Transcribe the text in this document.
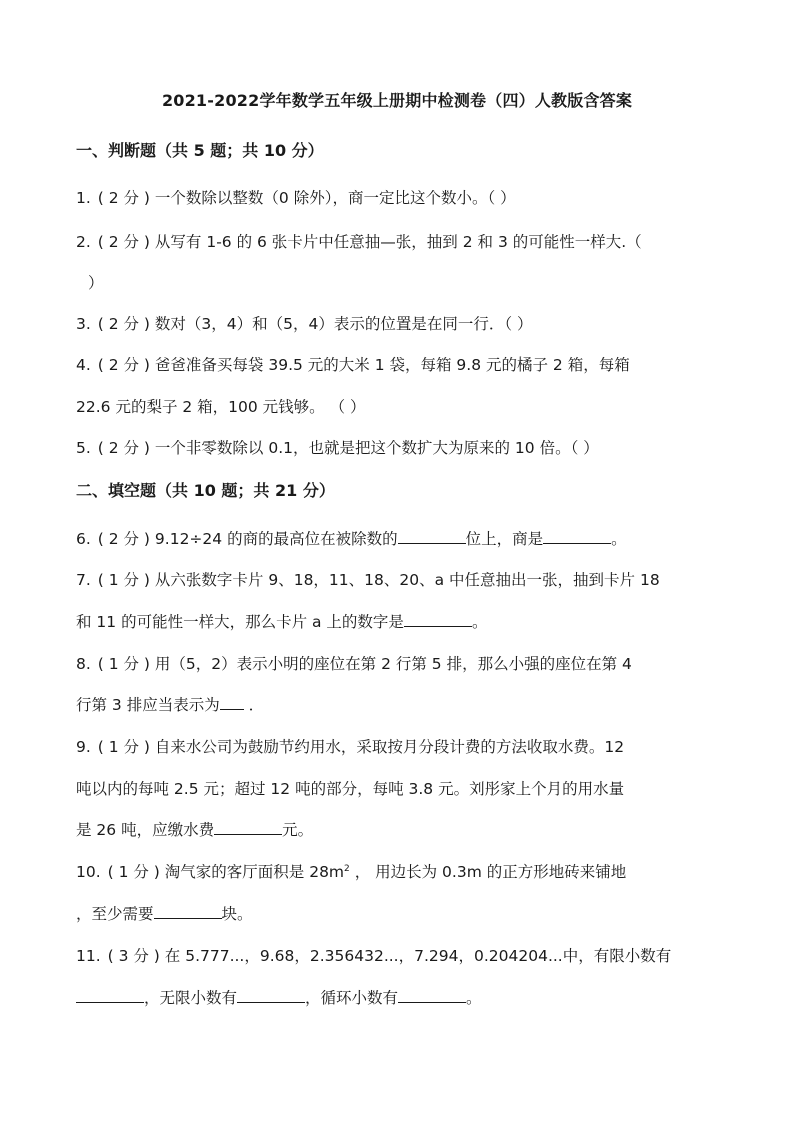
2021-2022学年数学五年级上册期中检测卷（四）人教版含答案
一、判断题（共 5 题；共 10 分）
1. ( 2 分 ) 一个数除以整数（0 除外），商一定比这个数小。（ ）
2. ( 2 分 ) 从写有 1-6 的 6 张卡片中任意抽—张，抽到 2 和 3 的可能性一样大.（
）
3. ( 2 分 ) 数对（3，4）和（5，4）表示的位置是在同一行．（ ）
4. ( 2 分 ) 爸爸准备买每袋 39.5 元的大米 1 袋，每箱 9.8 元的橘子 2 箱，每箱
22.6 元的梨子 2 箱，100 元钱够。 （ ）
5. ( 2 分 ) 一个非零数除以 0.1，也就是把这个数扩大为原来的 10 倍。（ ）
二、填空题（共 10 题；共 21 分）
6. ( 2 分 ) 9.12÷24 的商的最高位在被除数的	位上，商是	。
7. ( 1 分 ) 从六张数字卡片 9、18，11、18、20、a 中任意抽出一张，抽到卡片 18
和 11 的可能性一样大，那么卡片 a 上的数字是	。
8. ( 1 分 ) 用（5，2）表示小明的座位在第 2 行第 5 排，那么小强的座位在第 4
行第 3 排应当表示为 ．
9. ( 1 分 ) 自来水公司为鼓励节约用水，采取按月分段计费的方法收取水费。12
吨以内的每吨 2.5 元；超过 12 吨的部分，每吨 3.8 元。刘彤家上个月的用水量
是 26 吨，应缴水费	元。
10. ( 1 分 ) 淘气家的客厅面积是 $28m^2$ ， 用边长为 0.3m 的正方形地砖来铺地
，至少需要	块。
11. ( 3 分 ) 在 5.777...，9.68，2.356432...，7.294，0.204204...中，有限小数有
，无限小数有	，循环小数有	。
